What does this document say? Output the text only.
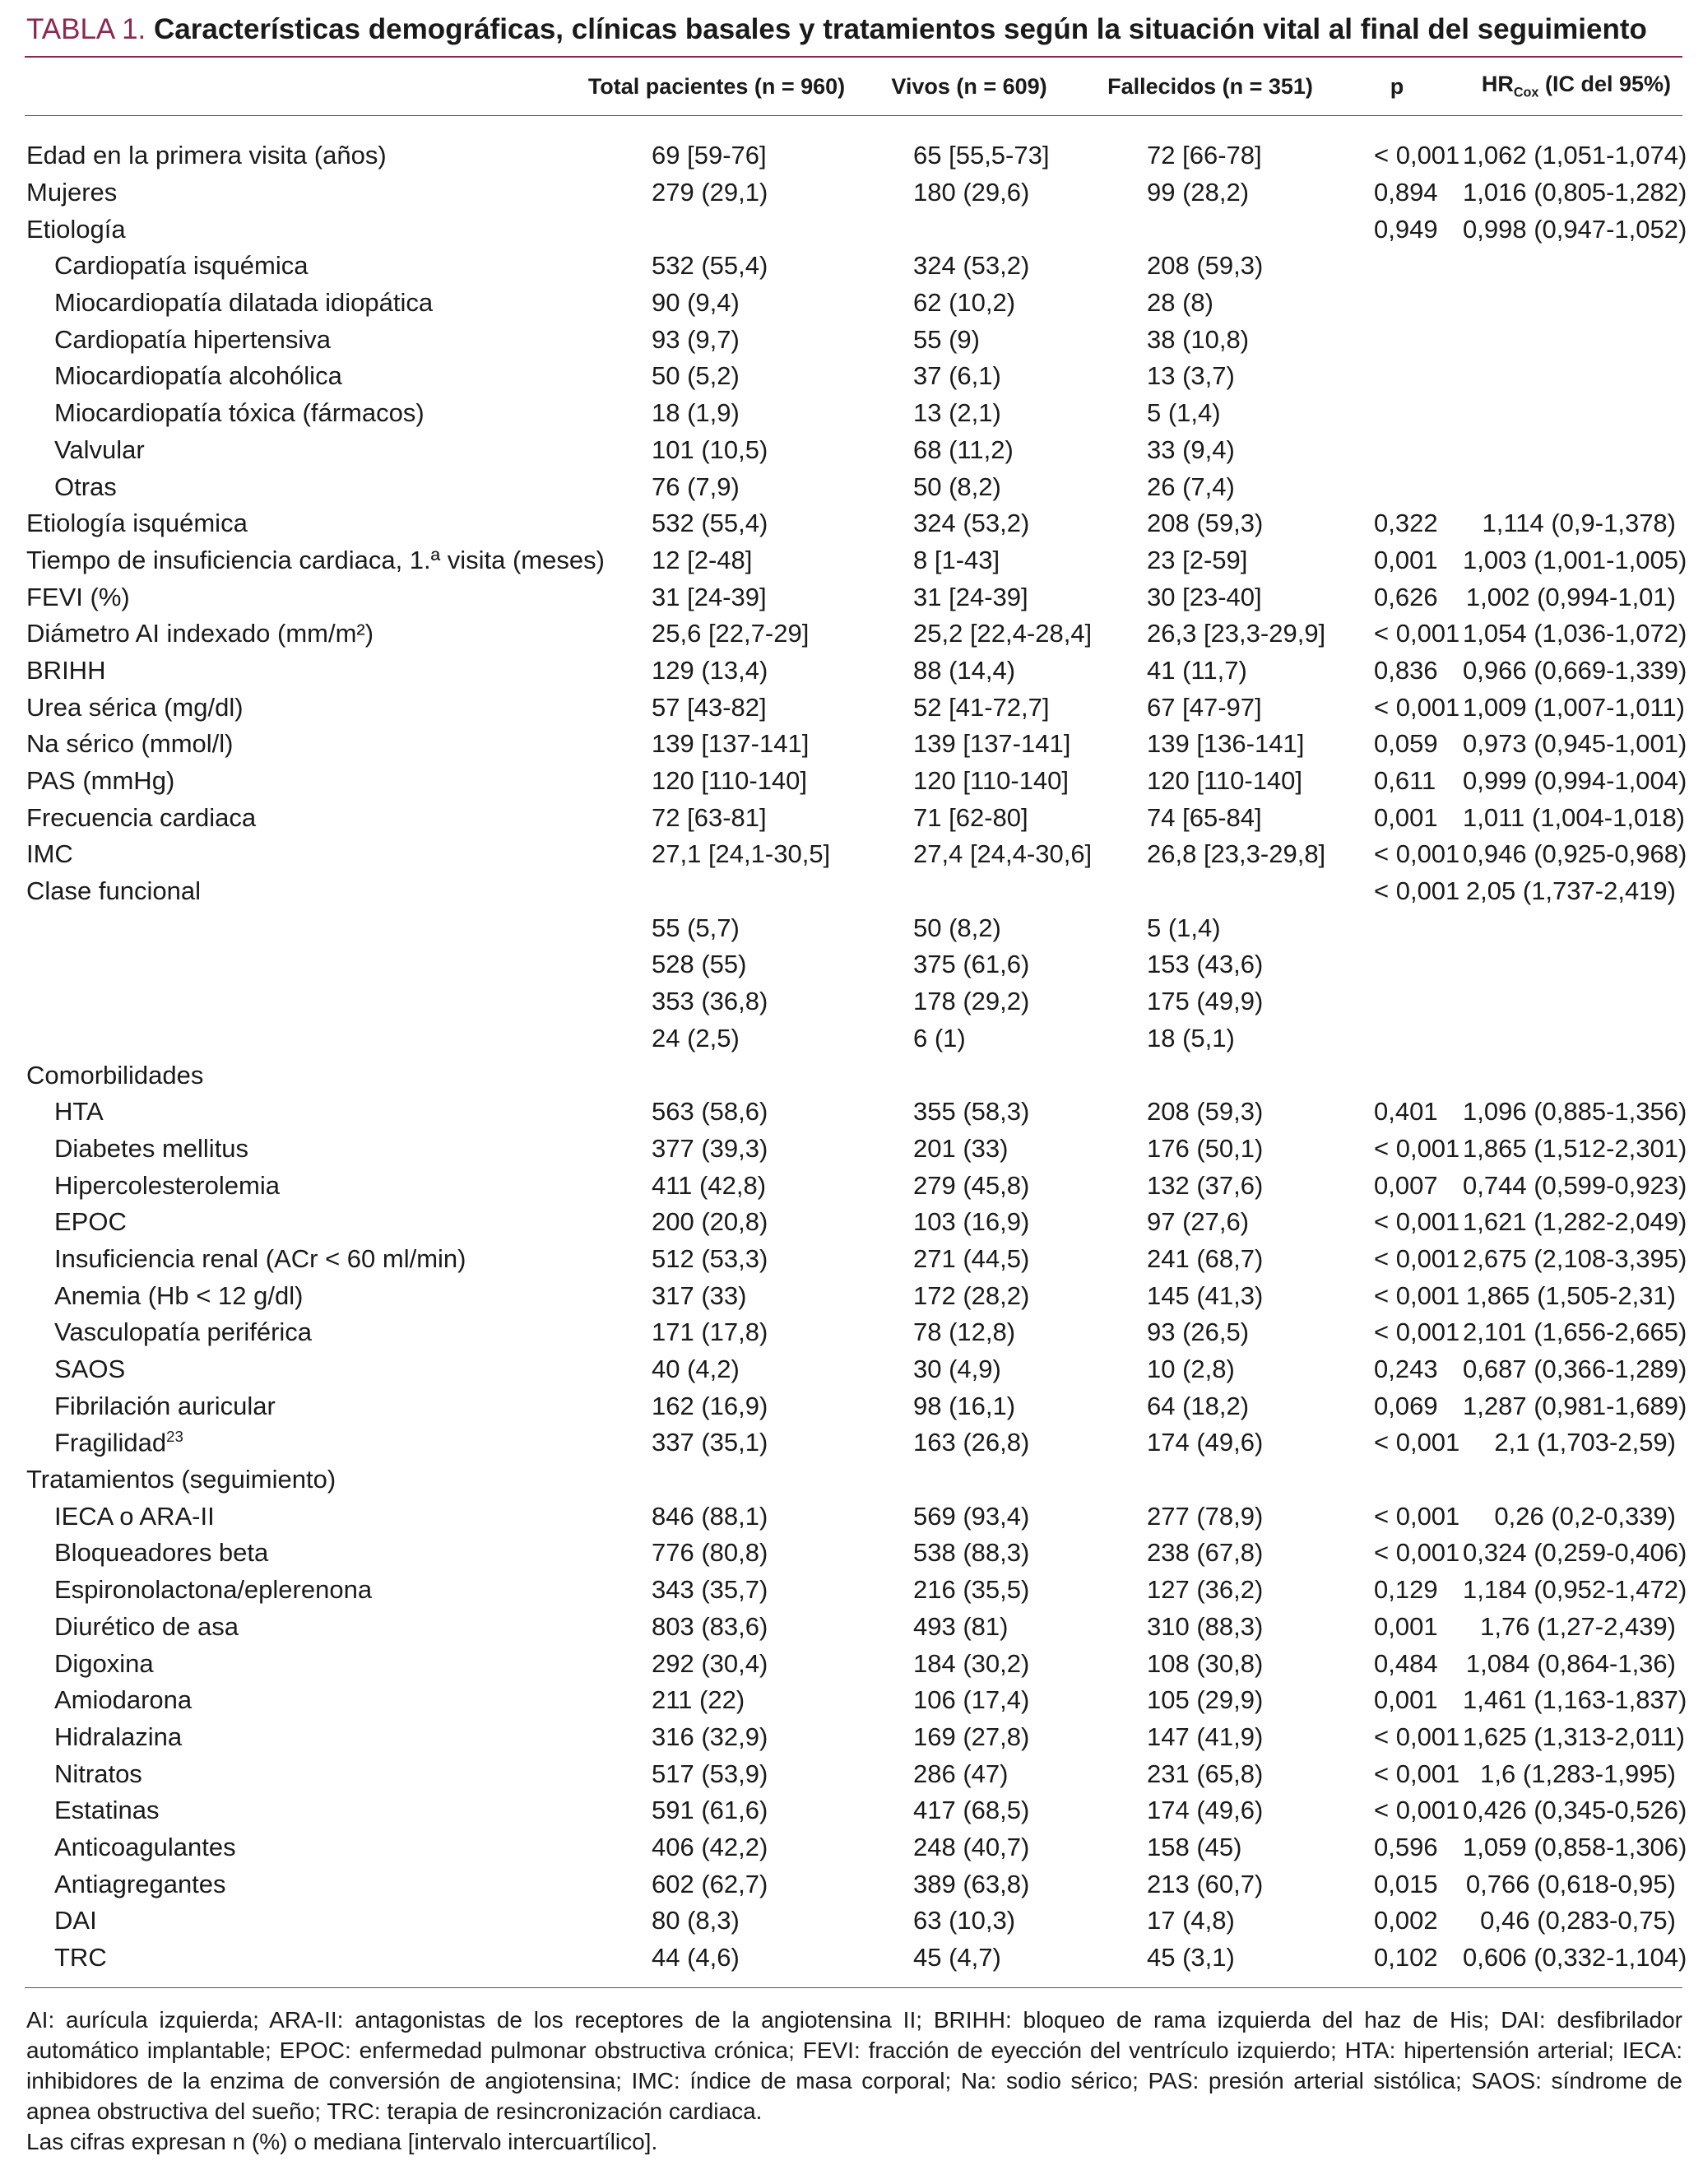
TABLA 1. Características demográficas, clínicas basales y tratamientos según la situación vital al final del seguimiento
	Total pacientes (n = 960)	Vivos (n = 609)	Fallecidos (n = 351)	p	$HR_{Cox}$ (IC del 95%)

Edad en la primera visita (años)	69 [59-76]	65 [55,5-73]	72 [66-78]	< 0,001	1,062 (1,051-1,074)
Mujeres	279 (29,1)	180 (29,6)	99 (28,2)	0,894	1,016 (0,805-1,282)
Etiología				0,949	0,998 (0,947-1,052)
Cardiopatía isquémica	532 (55,4)	324 (53,2)	208 (59,3)		
Miocardiopatía dilatada idiopática	90 (9,4)	62 (10,2)	28 (8)		
Cardiopatía hipertensiva	93 (9,7)	55 (9)	38 (10,8)		
Miocardiopatía alcohólica	50 (5,2)	37 (6,1)	13 (3,7)		
Miocardiopatía tóxica (fármacos)	18 (1,9)	13 (2,1)	5 (1,4)		
Valvular	101 (10,5)	68 (11,2)	33 (9,4)		
Otras	76 (7,9)	50 (8,2)	26 (7,4)		
Etiología isquémica	532 (55,4)	324 (53,2)	208 (59,3)	0,322	1,114 (0,9-1,378)
Tiempo de insuficiencia cardiaca, 1.ª visita (meses)	12 [2-48]	8 [1-43]	23 [2-59]	0,001	1,003 (1,001-1,005)
FEVI (%)	31 [24-39]	31 [24-39]	30 [23-40]	0,626	1,002 (0,994-1,01)
Diámetro AI indexado (mm/m²)	25,6 [22,7-29]	25,2 [22,4-28,4]	26,3 [23,3-29,9]	< 0,001	1,054 (1,036-1,072)
BRIHH	129 (13,4)	88 (14,4)	41 (11,7)	0,836	0,966 (0,669-1,339)
Urea sérica (mg/dl)	57 [43-82]	52 [41-72,7]	67 [47-97]	< 0,001	1,009 (1,007-1,011)
Na sérico (mmol/l)	139 [137-141]	139 [137-141]	139 [136-141]	0,059	0,973 (0,945-1,001)
PAS (mmHg)	120 [110-140]	120 [110-140]	120 [110-140]	0,611	0,999 (0,994-1,004)
Frecuencia cardiaca	72 [63-81]	71 [62-80]	74 [65-84]	0,001	1,011 (1,004-1,018)
IMC	27,1 [24,1-30,5]	27,4 [24,4-30,6]	26,8 [23,3-29,8]	< 0,001	0,946 (0,925-0,968)
Clase funcional				< 0,001	2,05 (1,737-2,419)
	55 (5,7)	50 (8,2)	5 (1,4)		
	528 (55)	375 (61,6)	153 (43,6)		
	353 (36,8)	178 (29,2)	175 (49,9)		
	24 (2,5)	6 (1)	18 (5,1)		
Comorbilidades					
HTA	563 (58,6)	355 (58,3)	208 (59,3)	0,401	1,096 (0,885-1,356)
Diabetes mellitus	377 (39,3)	201 (33)	176 (50,1)	< 0,001	1,865 (1,512-2,301)
Hipercolesterolemia	411 (42,8)	279 (45,8)	132 (37,6)	0,007	0,744 (0,599-0,923)
EPOC	200 (20,8)	103 (16,9)	97 (27,6)	< 0,001	1,621 (1,282-2,049)
Insuficiencia renal (ACr < 60 ml/min)	512 (53,3)	271 (44,5)	241 (68,7)	< 0,001	2,675 (2,108-3,395)
Anemia (Hb < 12 g/dl)	317 (33)	172 (28,2)	145 (41,3)	< 0,001	1,865 (1,505-2,31)
Vasculopatía periférica	171 (17,8)	78 (12,8)	93 (26,5)	< 0,001	2,101 (1,656-2,665)
SAOS	40 (4,2)	30 (4,9)	10 (2,8)	0,243	0,687 (0,366-1,289)
Fibrilación auricular	162 (16,9)	98 (16,1)	64 (18,2)	0,069	1,287 (0,981-1,689)
Fragilidad$^{23}$	337 (35,1)	163 (26,8)	174 (49,6)	< 0,001	2,1 (1,703-2,59)
Tratamientos (seguimiento)					
IECA o ARA-II	846 (88,1)	569 (93,4)	277 (78,9)	< 0,001	0,26 (0,2-0,339)
Bloqueadores beta	776 (80,8)	538 (88,3)	238 (67,8)	< 0,001	0,324 (0,259-0,406)
Espironolactona/eplerenona	343 (35,7)	216 (35,5)	127 (36,2)	0,129	1,184 (0,952-1,472)
Diurético de asa	803 (83,6)	493 (81)	310 (88,3)	0,001	1,76 (1,27-2,439)
Digoxina	292 (30,4)	184 (30,2)	108 (30,8)	0,484	1,084 (0,864-1,36)
Amiodarona	211 (22)	106 (17,4)	105 (29,9)	0,001	1,461 (1,163-1,837)
Hidralazina	316 (32,9)	169 (27,8)	147 (41,9)	< 0,001	1,625 (1,313-2,011)
Nitratos	517 (53,9)	286 (47)	231 (65,8)	< 0,001	1,6 (1,283-1,995)
Estatinas	591 (61,6)	417 (68,5)	174 (49,6)	< 0,001	0,426 (0,345-0,526)
Anticoagulantes	406 (42,2)	248 (40,7)	158 (45)	0,596	1,059 (0,858-1,306)
Antiagregantes	602 (62,7)	389 (63,8)	213 (60,7)	0,015	0,766 (0,618-0,95)
DAI	80 (8,3)	63 (10,3)	17 (4,8)	0,002	0,46 (0,283-0,75)
TRC	44 (4,6)	45 (4,7)	45 (3,1)	0,102	0,606 (0,332-1,104)
AI: aurícula izquierda; ARA-II: antagonistas de los receptores de la angiotensina II; BRIHH: bloqueo de rama izquierda del haz de His; DAI: desfibrilador automático implantable; EPOC: enfermedad pulmonar obstructiva crónica; FEVI: fracción de eyección del ventrículo izquierdo; HTA: hipertensión arterial; IECA: inhibidores de la enzima de conversión de angiotensina; IMC: índice de masa corporal; Na: sodio sérico; PAS: presión arterial sistólica; SAOS: síndrome de apnea obstructiva del sueño; TRC: terapia de resincronización cardiaca.
Las cifras expresan n (%) o mediana [intervalo intercuartílico].
